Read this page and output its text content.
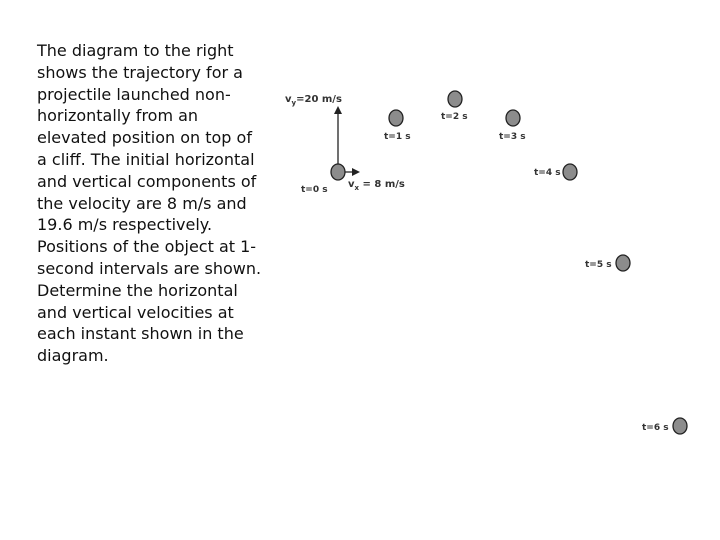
The diagram to the right
shows the trajectory for a
projectile launched non-
horizontally from an
elevated position on top of
a cliff. The initial horizontal
and vertical components of
the velocity are 8 m/s and
19.6 m/s respectively.
Positions of the object at 1-
second intervals are shown.
Determine the horizontal
and vertical velocities at
each instant shown in the
diagram.

$v_y=20$ m/s
$v_x = 8$ m/s
t=0 s
t=1 s
t=2 s
t=3 s
t=4 s
t=5 s
t=6 s
